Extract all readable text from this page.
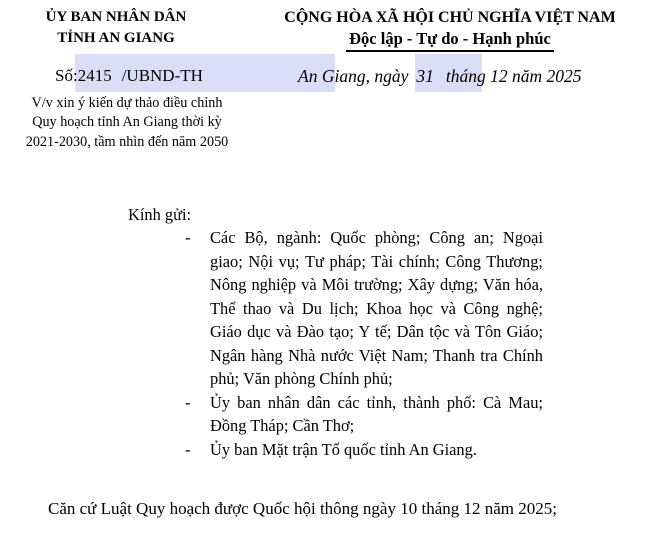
ỦY BAN NHÂN DÂN
TỈNH AN GIANG
CỘNG HÒA XÃ HỘI CHỦ NGHĨA VIỆT NAM
Độc lập - Tự do - Hạnh phúc
Số:2415 /UBND-TH	An Giang, ngày 31 tháng 12 năm 2025
V/v xin ý kiến dự thảo điều chỉnh
Quy hoạch tỉnh An Giang thời kỳ
2021-2030, tầm nhìn đến năm 2050
Kính gửi:
-	Các Bộ, ngành: Quốc phòng; Công an; Ngoại giao; Nội vụ; Tư pháp; Tài chính; Công Thương; Nông nghiệp và Môi trường; Xây dựng; Văn hóa, Thể thao và Du lịch; Khoa học và Công nghệ; Giáo dục và Đào tạo; Y tế; Dân tộc và Tôn Giáo; Ngân hàng Nhà nước Việt Nam; Thanh tra Chính phủ; Văn phòng Chính phủ;

-	Ủy ban nhân dân các tỉnh, thành phố: Cà Mau; Đồng Tháp; Cần Thơ;

-	Ủy ban Mặt trận Tổ quốc tỉnh An Giang.

Căn cứ Luật Quy hoạch được Quốc hội thông ngày 10 tháng 12 năm 2025;
